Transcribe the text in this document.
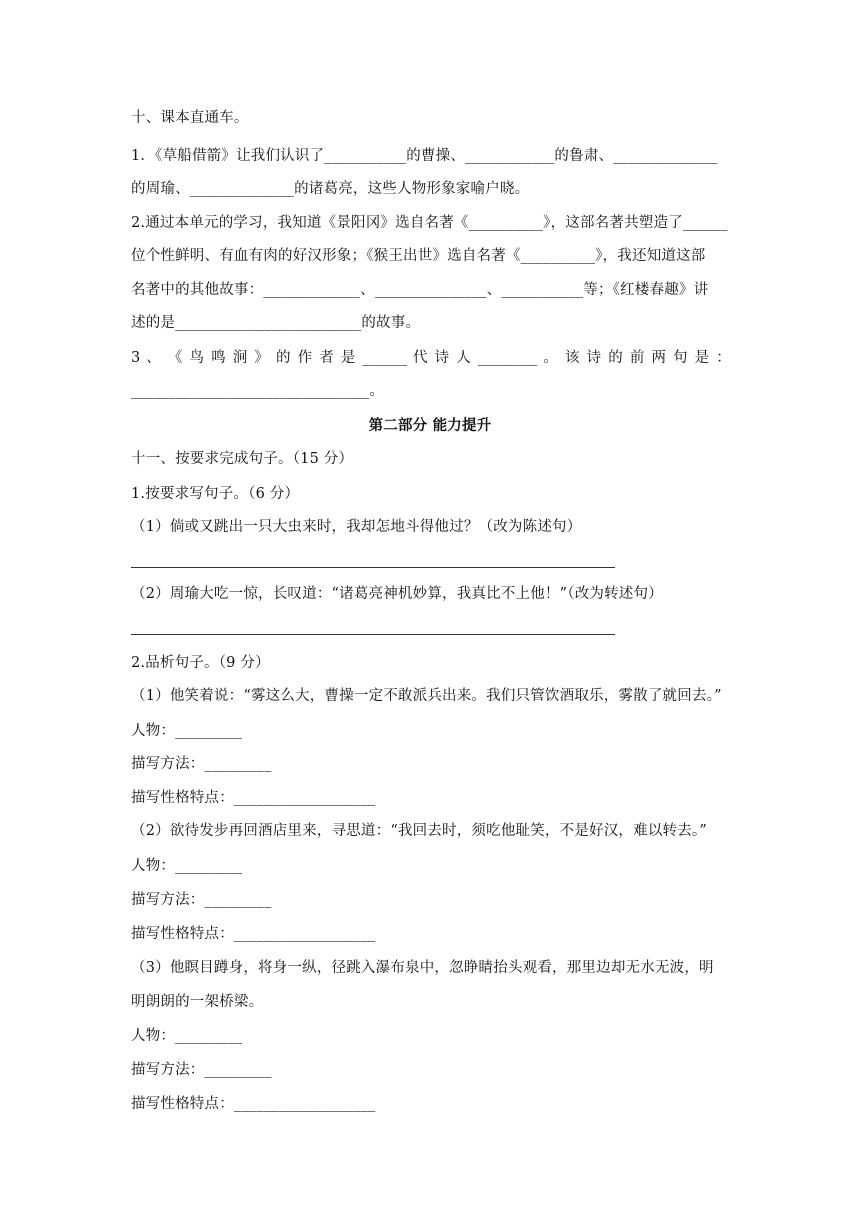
十、课本直通车。
1．《草船借箭》让我们认识了___________的曹操、____________的鲁肃、______________
的周瑜、______________的诸葛亮，这些人物形象家喻户晓。
2.通过本单元的学习，我知道《景阳冈》选自名著《__________》，这部名著共塑造了______
位个性鲜明、有血有肉的好汉形象；《猴王出世》选自名著《__________》，我还知道这部
名著中的其他故事：_____________、_______________、___________等；《红楼春趣》讲
述的是_________________________的故事。
3 、 《 鸟 鸣 涧 》 的 作 者 是 ______ 代 诗 人 ________ 。 该 诗 的 前 两 句 是 ：
________________________________。
第二部分 能力提升
十一、按要求完成句子。（15 分）
1.按要求写句子。（6 分）
（1）倘或又跳出一只大虫来时，我却怎地斗得他过？（改为陈述句）
（2）周瑜大吃一惊，长叹道：“诸葛亮神机妙算，我真比不上他！”（改为转述句）
2.品析句子。（9 分）
（1）他笑着说：“雾这么大，曹操一定不敢派兵出来。我们只管饮酒取乐，雾散了就回去。”
人物：_________
描写方法：_________
描写性格特点：___________________
（2）欲待发步再回酒店里来，寻思道：“我回去时，须吃他耻笑，不是好汉，难以转去。”
人物：_________
描写方法：_________
描写性格特点：___________________
（3）他瞑目蹲身，将身一纵，径跳入瀑布泉中，忽睁睛抬头观看，那里边却无水无波，明
明朗朗的一架桥梁。
人物：_________
描写方法：_________
描写性格特点：___________________
